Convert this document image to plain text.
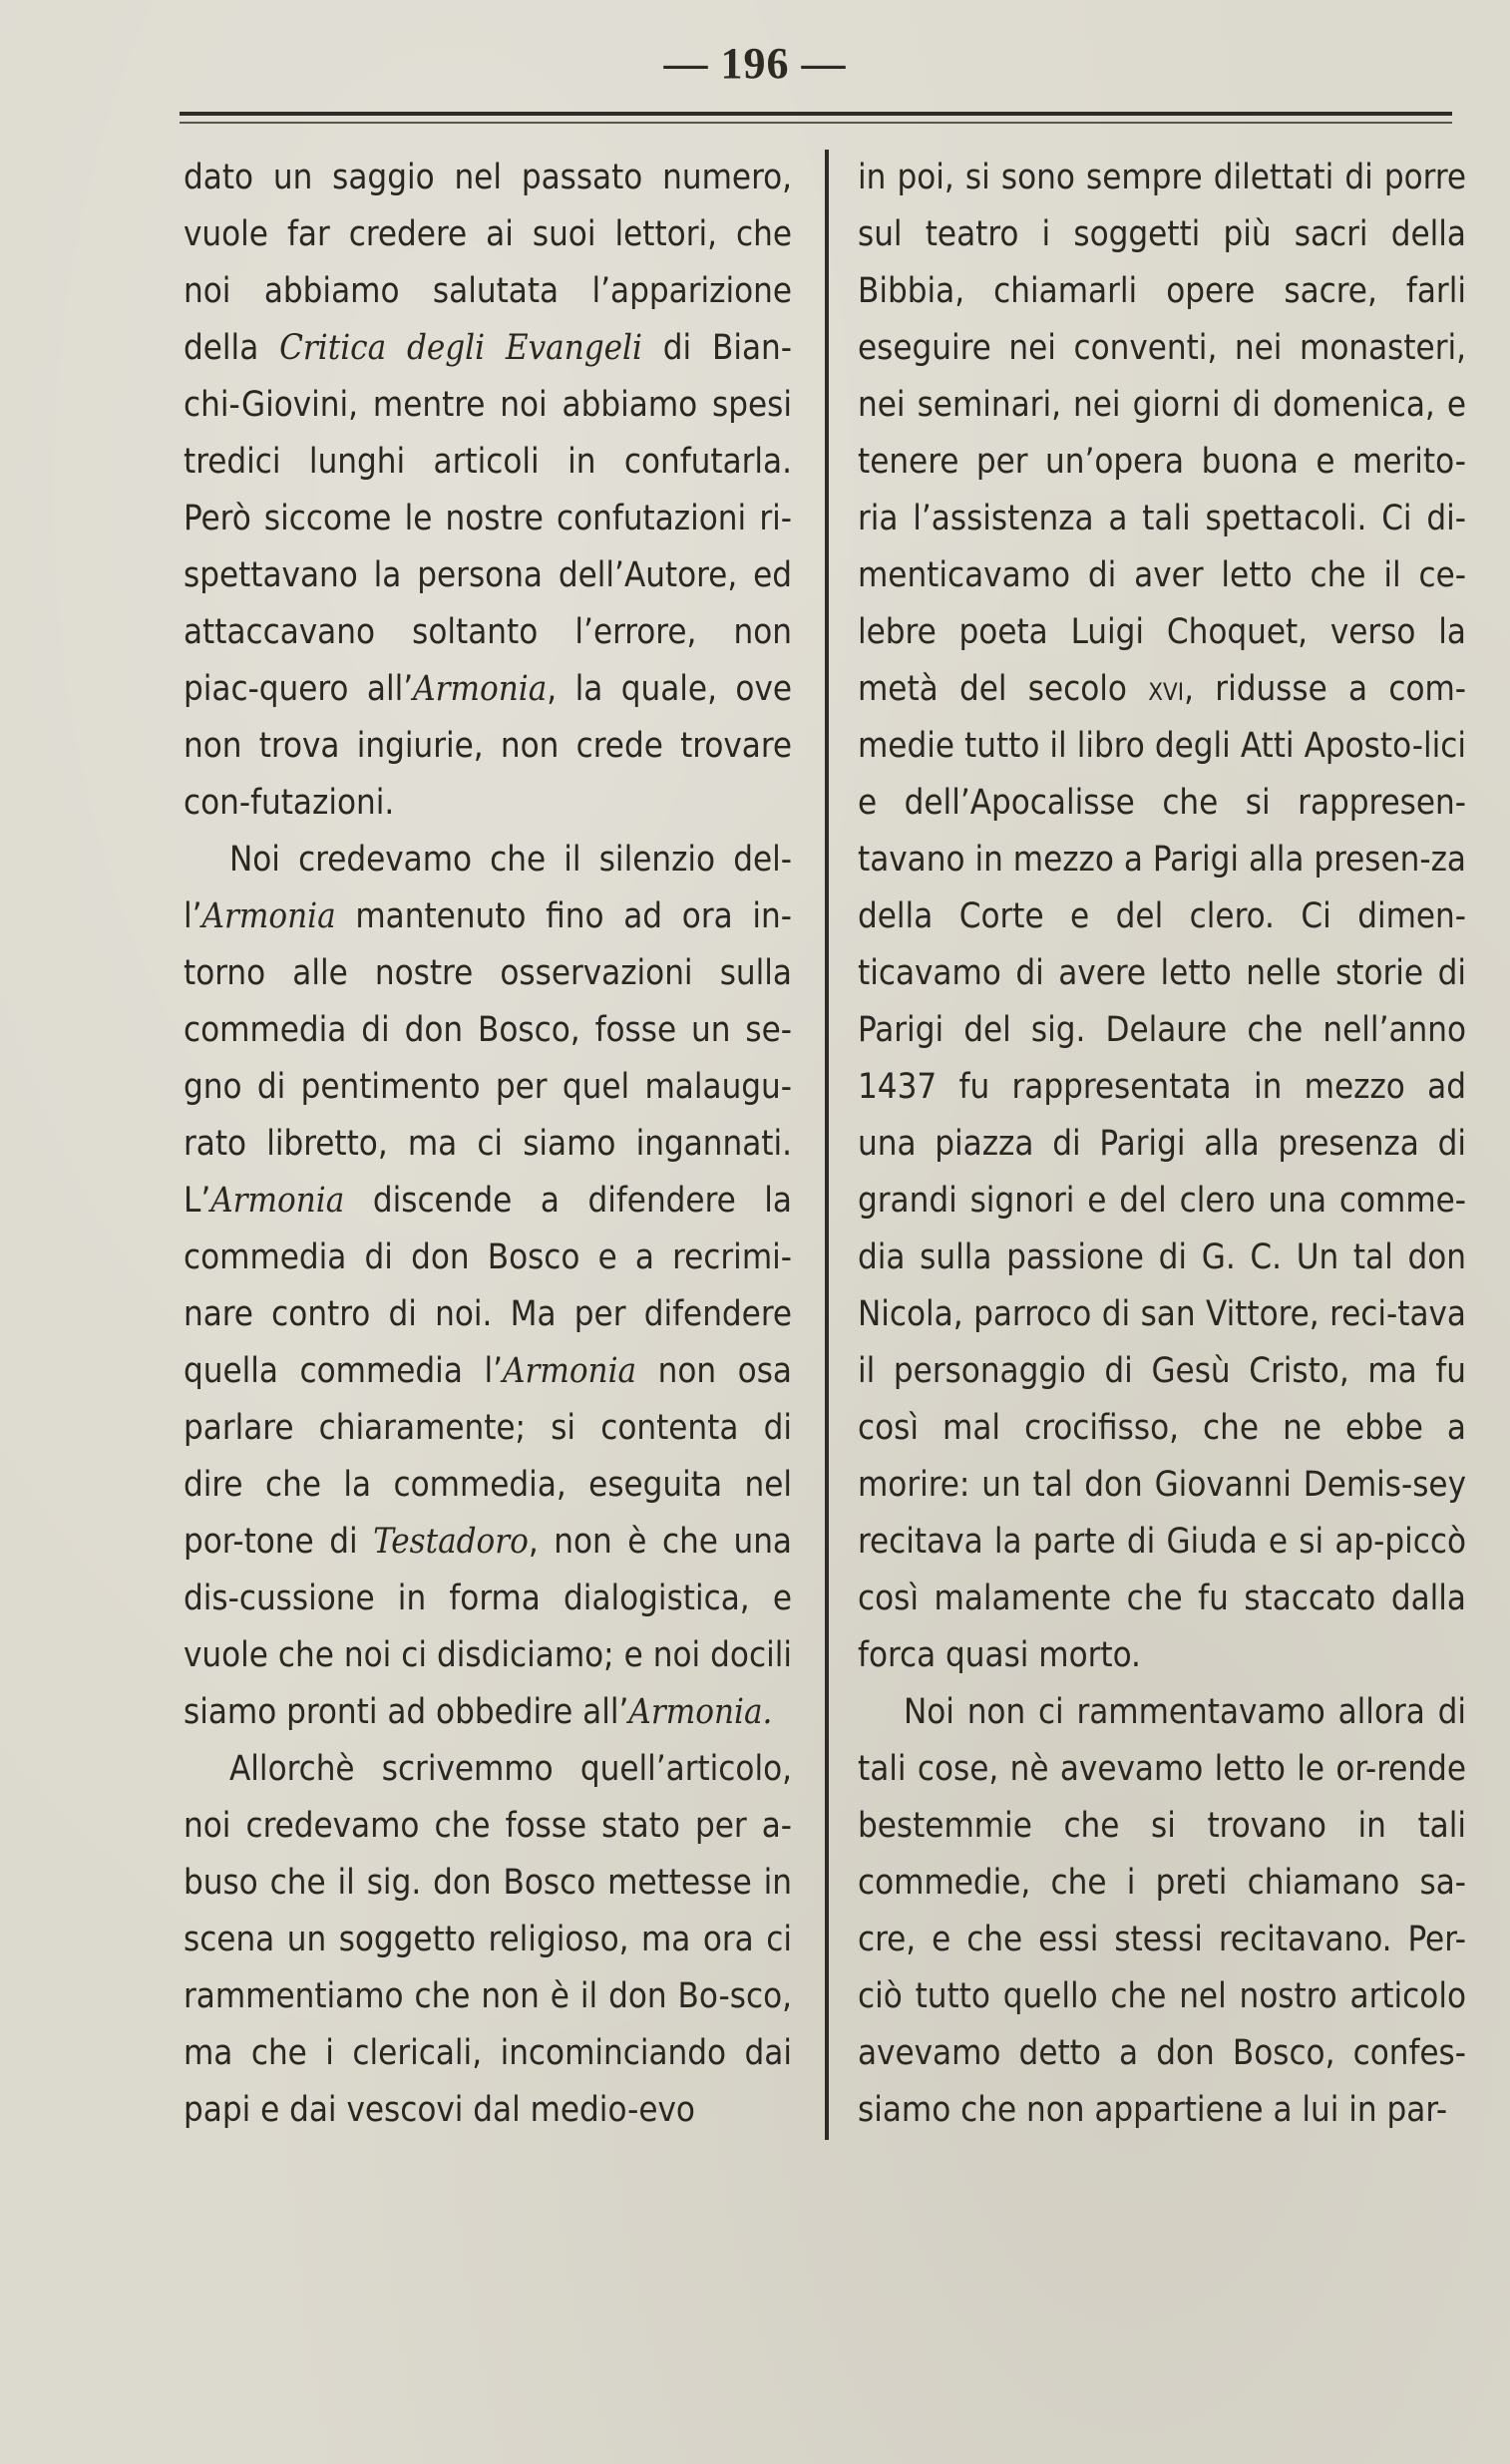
— 196 —

dato un saggio nel passato numero, vuole far credere ai suoi lettori, che noi abbiamo salutata l’apparizione della Critica degli Evangeli di Bian-chi-Giovini, mentre noi abbiamo spesi tredici lunghi articoli in confutarla. Però siccome le nostre confutazioni ri-spettavano la persona dell’Autore, ed attaccavano soltanto l’errore, non piac-quero all’Armonia, la quale, ove non trova ingiurie, non crede trovare con-futazioni.

Noi credevamo che il silenzio del-l’Armonia mantenuto fino ad ora in-torno alle nostre osservazioni sulla commedia di don Bosco, fosse un se-gno di pentimento per quel malaugu-rato libretto, ma ci siamo ingannati. L’Armonia discende a difendere la commedia di don Bosco e a recrimi-nare contro di noi. Ma per difendere quella commedia l’Armonia non osa parlare chiaramente; si contenta di dire che la commedia, eseguita nel por-tone di Testadoro, non è che una dis-cussione in forma dialogistica, e vuole che noi ci disdiciamo; e noi docili siamo pronti ad obbedire all’Armonia.

Allorchè scrivemmo quell’articolo, noi credevamo che fosse stato per a-buso che il sig. don Bosco mettesse in scena un soggetto religioso, ma ora ci rammentiamo che non è il don Bo-sco, ma che i clericali, incominciando dai papi e dai vescovi dal medio-evo

in poi, si sono sempre dilettati di porre sul teatro i soggetti più sacri della Bibbia, chiamarli opere sacre, farli eseguire nei conventi, nei monasteri, nei seminari, nei giorni di domenica, e tenere per un’opera buona e merito-ria l’assistenza a tali spettacoli. Ci di-menticavamo di aver letto che il ce-lebre poeta Luigi Choquet, verso la metà del secolo xvi, ridusse a com-medie tutto il libro degli Atti Aposto-lici e dell’Apocalisse che si rappresen-tavano in mezzo a Parigi alla presen-za della Corte e del clero. Ci dimen-ticavamo di avere letto nelle storie di Parigi del sig. Delaure che nell’anno 1437 fu rappresentata in mezzo ad una piazza di Parigi alla presenza di grandi signori e del clero una comme-dia sulla passione di G. C. Un tal don Nicola, parroco di san Vittore, reci-tava il personaggio di Gesù Cristo, ma fu così mal crocifisso, che ne ebbe a morire: un tal don Giovanni Demis-sey recitava la parte di Giuda e si ap-piccò così malamente che fu staccato dalla forca quasi morto.

Noi non ci rammentavamo allora di tali cose, nè avevamo letto le or-rende bestemmie che si trovano in tali commedie, che i preti chiamano sa-cre, e che essi stessi recitavano. Per-ciò tutto quello che nel nostro articolo avevamo detto a don Bosco, confes-siamo che non appartiene a lui in par-
